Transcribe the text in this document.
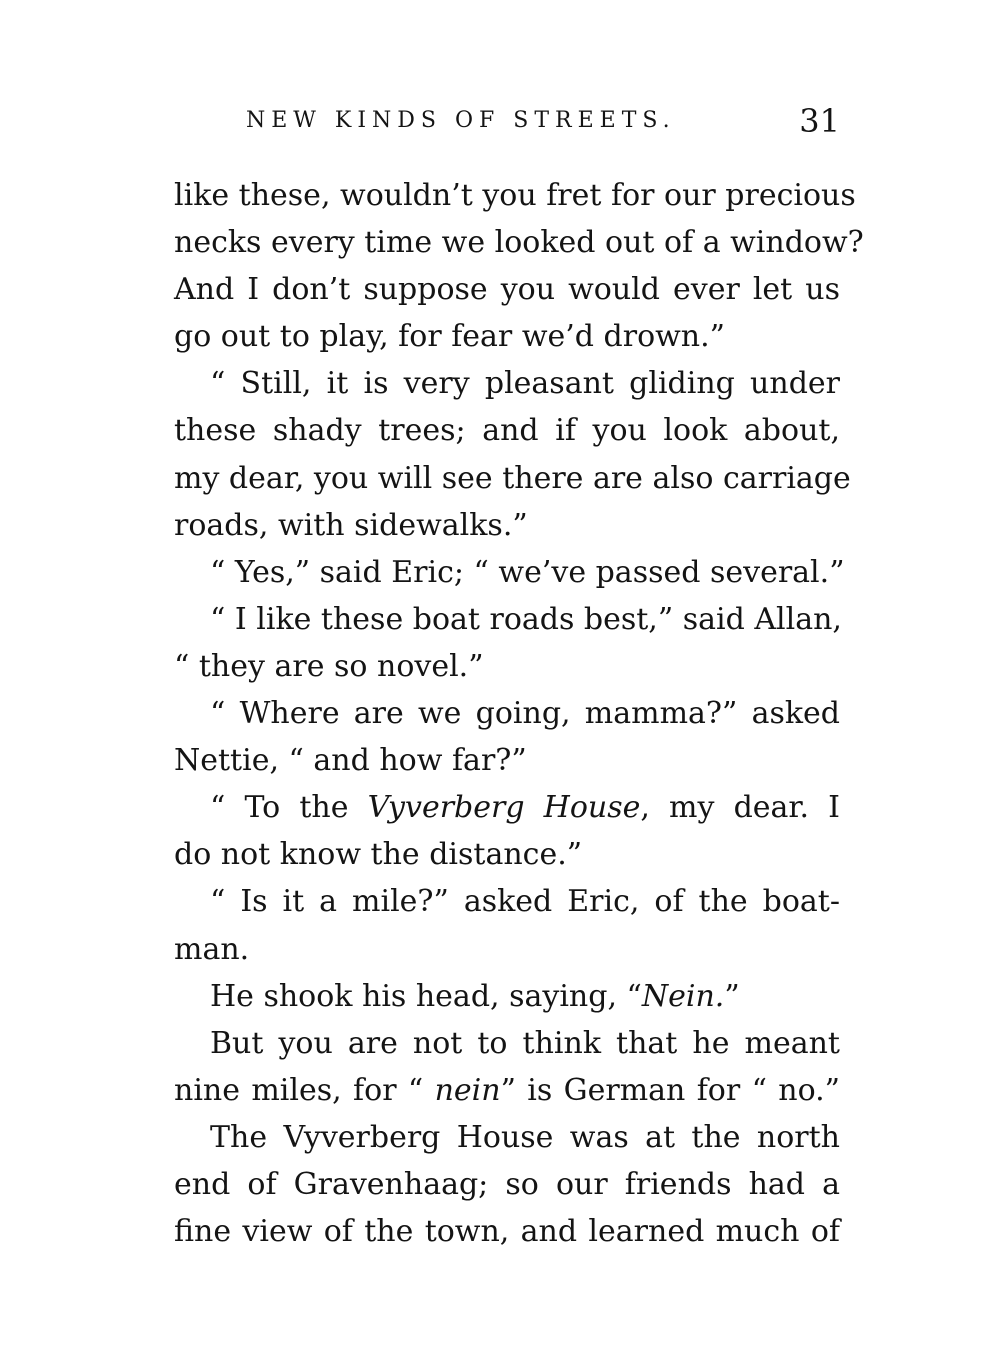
NEW KINDS OF STREETS.	31
like these, wouldn’t you fret for our precious
necks every time we looked out of a window?
And I don’t suppose you would ever let us
go out to play, for fear we’d drown.”
“ Still, it is very pleasant gliding under
these shady trees; and if you look about,
my dear, you will see there are also carriage
roads, with sidewalks.”
“ Yes,” said Eric; “ we’ve passed several.”
“ I like these boat roads best,” said Allan,
“ they are so novel.”
“ Where are we going, mamma?” asked
Nettie, “ and how far?”
“ To the Vyverberg House, my dear. I
do not know the distance.”
“ Is it a mile?” asked Eric, of the boat-
man.
He shook his head, saying, “Nein.”
But you are not to think that he meant
nine miles, for “ nein” is German for “ no.”
The Vyverberg House was at the north
end of Gravenhaag; so our friends had a
fine view of the town, and learned much of
